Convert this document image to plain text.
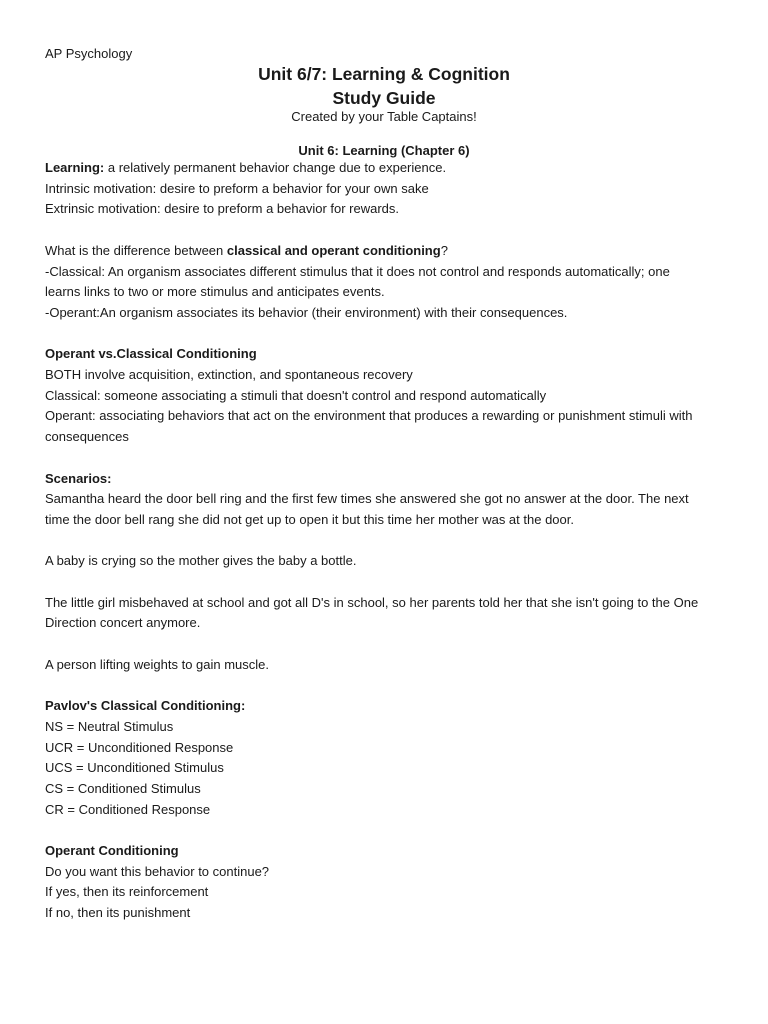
AP Psychology
Unit 6/7: Learning & Cognition
Study Guide
Created by your Table Captains!
Unit 6: Learning (Chapter 6)

Learning: a relatively permanent behavior change due to experience.

Intrinsic motivation: desire to preform a behavior for your own sake

Extrinsic motivation: desire to preform a behavior for rewards.

What is the difference between classical and operant conditioning?

-Classical: An organism associates different stimulus that it does not control and responds automatically; one

learns links to two or more stimulus and anticipates events.

-Operant:An organism associates its behavior (their environment) with their consequences.

Operant vs.Classical Conditioning

BOTH involve acquisition, extinction, and spontaneous recovery

Classical: someone associating a stimuli that doesn't control and respond automatically

Operant: associating behaviors that act on the environment that produces a rewarding or punishment stimuli with

consequences

Scenarios:

Samantha heard the door bell ring and the first few times she answered she got no answer at the door. The next

time the door bell rang she did not get up to open it but this time her mother was at the door.

A baby is crying so the mother gives the baby a bottle.

The little girl misbehaved at school and got all D's in school, so her parents told her that she isn't going to the One

Direction concert anymore.

A person lifting weights to gain muscle.

Pavlov's Classical Conditioning:

NS = Neutral Stimulus

UCR = Unconditioned Response

UCS = Unconditioned Stimulus

CS = Conditioned Stimulus

CR = Conditioned Response

Operant Conditioning

Do you want this behavior to continue?

If yes, then its reinforcement

If no, then its punishment
